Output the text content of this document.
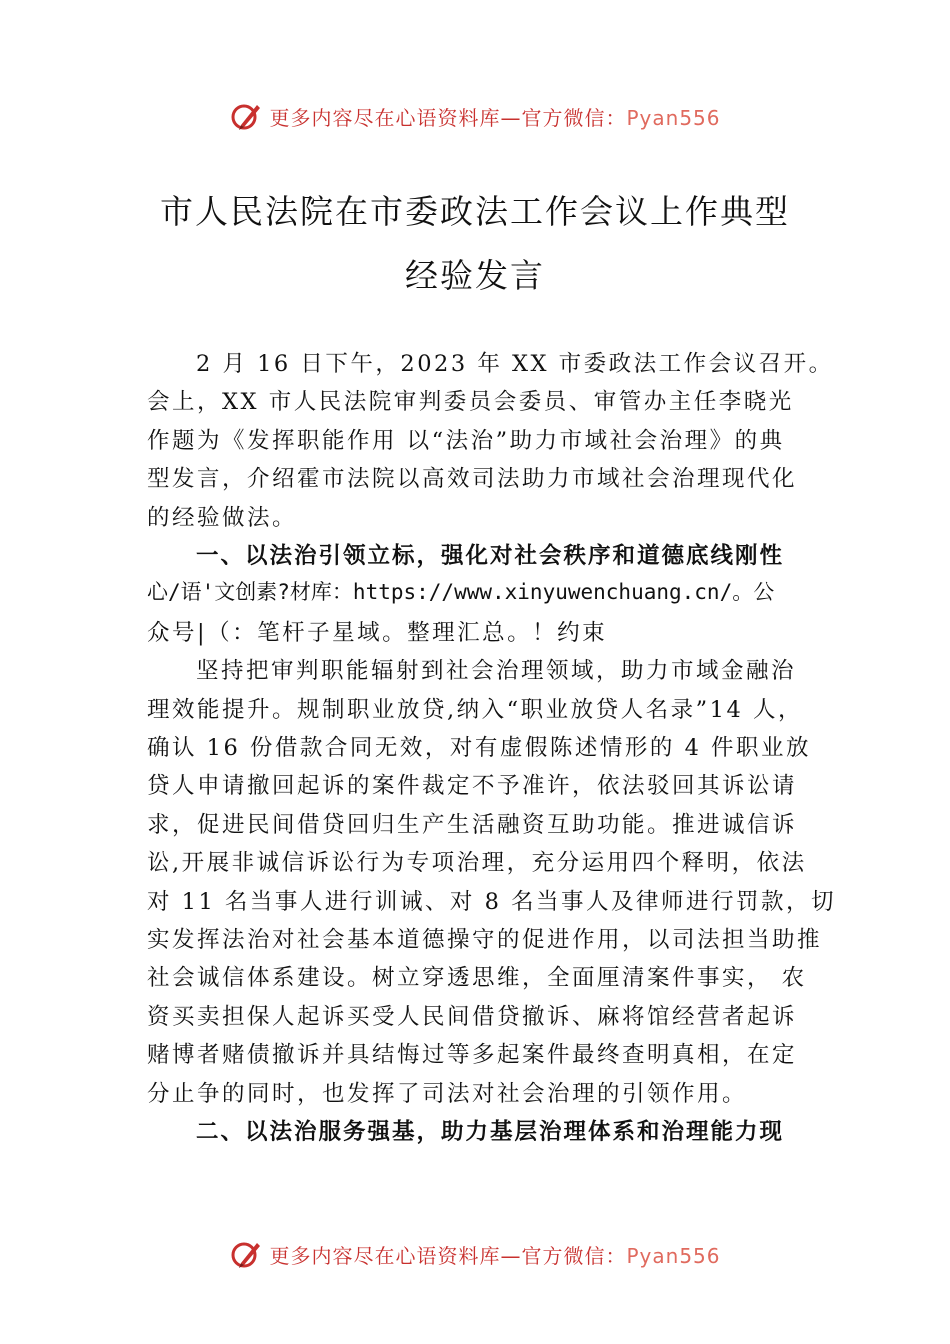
更多内容尽在心语资料库—官方微信：Pyan556
市人民法院在市委政法工作会议上作典型
经验发言
2 月 16 日下午，2023 年 XX 市委政法工作会议召开。
会上，XX 市人民法院审判委员会委员、审管办主任李晓光
作题为《发挥职能作用 以“法治”助力市域社会治理》的典
型发言，介绍霍市法院以高效司法助力市域社会治理现代化
的经验做法。
一、以法治引领立标，强化对社会秩序和道德底线刚性
心/语'文创素?材库：https://www.xinyuwenchuang.cn/。公
众号|（：笔杆子星域。整理汇总。！约束
坚持把审判职能辐射到社会治理领域，助力市域金融治
理效能提升。规制职业放贷,纳入“职业放贷人名录”14 人，
确认 16 份借款合同无效，对有虚假陈述情形的 4 件职业放
贷人申请撤回起诉的案件裁定不予准许，依法驳回其诉讼请
求，促进民间借贷回归生产生活融资互助功能。推进诚信诉
讼,开展非诚信诉讼行为专项治理，充分运用四个释明，依法
对 11 名当事人进行训诫、对 8 名当事人及律师进行罚款，切
实发挥法治对社会基本道德操守的促进作用，以司法担当助推
社会诚信体系建设。树立穿透思维，全面厘清案件事实， 农
资买卖担保人起诉买受人民间借贷撤诉、麻将馆经营者起诉
赌博者赌债撤诉并具结悔过等多起案件最终查明真相，在定
分止争的同时，也发挥了司法对社会治理的引领作用。
二、以法治服务强基，助力基层治理体系和治理能力现
更多内容尽在心语资料库—官方微信：Pyan556
